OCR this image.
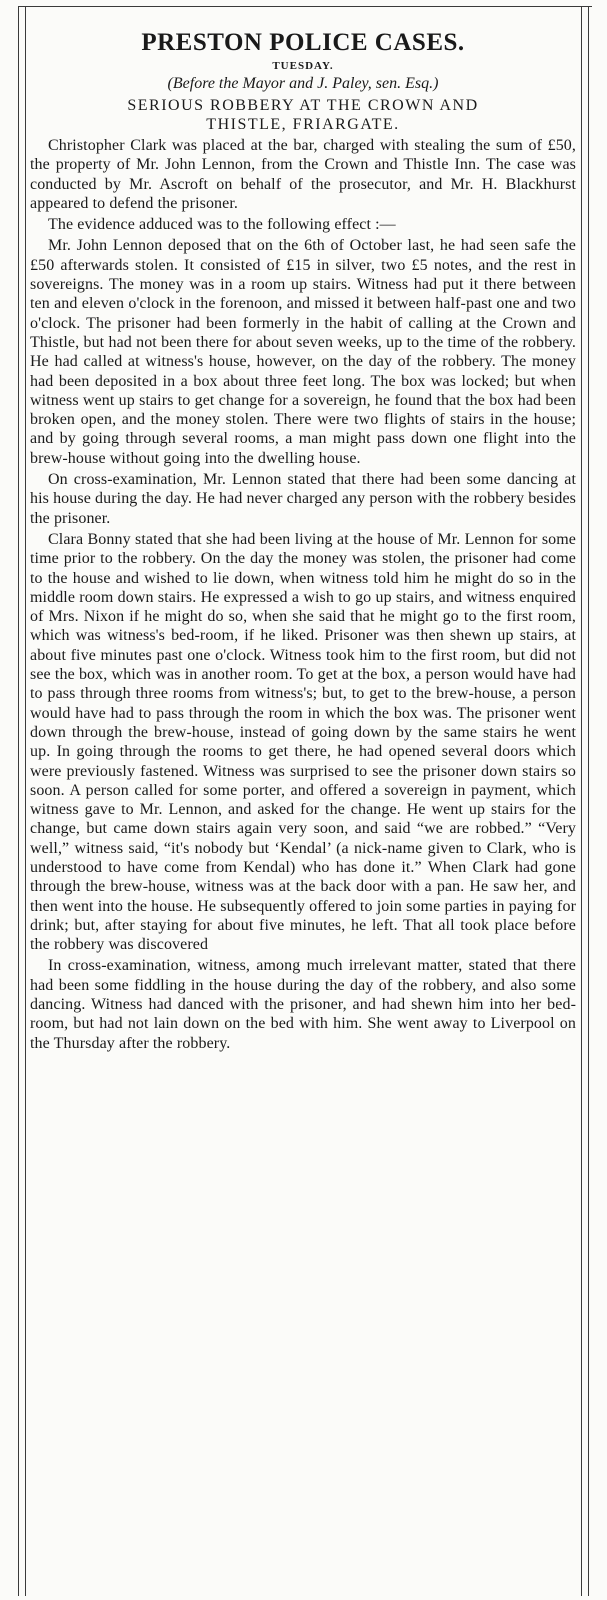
PRESTON POLICE CASES.
TUESDAY.
(Before the Mayor and J. Paley, sen. Esq.)
SERIOUS ROBBERY AT THE CROWN AND
THISTLE, FRIARGATE.

Christopher Clark was placed at the bar, charged with stealing the sum of £50, the property of Mr. John Lennon, from the Crown and Thistle Inn. The case was conducted by Mr. Ascroft on behalf of the prosecutor, and Mr. H. Blackhurst appeared to defend the prisoner.

The evidence adduced was to the following effect :—

Mr. John Lennon deposed that on the 6th of October last, he had seen safe the £50 afterwards stolen. It consisted of £15 in silver, two £5 notes, and the rest in sovereigns. The money was in a room up stairs. Witness had put it there between ten and eleven o'clock in the forenoon, and missed it between half-past one and two o'clock. The prisoner had been formerly in the habit of calling at the Crown and Thistle, but had not been there for about seven weeks, up to the time of the robbery. He had called at witness's house, however, on the day of the robbery. The money had been deposited in a box about three feet long. The box was locked; but when witness went up stairs to get change for a sovereign, he found that the box had been broken open, and the money stolen. There were two flights of stairs in the house; and by going through several rooms, a man might pass down one flight into the brew-house without going into the dwelling house.

On cross-examination, Mr. Lennon stated that there had been some dancing at his house during the day. He had never charged any person with the robbery besides the prisoner.

Clara Bonny stated that she had been living at the house of Mr. Lennon for some time prior to the robbery. On the day the money was stolen, the prisoner had come to the house and wished to lie down, when witness told him he might do so in the middle room down stairs. He expressed a wish to go up stairs, and witness enquired of Mrs. Nixon if he might do so, when she said that he might go to the first room, which was witness's bed-room, if he liked. Prisoner was then shewn up stairs, at about five minutes past one o'clock. Witness took him to the first room, but did not see the box, which was in another room. To get at the box, a person would have had to pass through three rooms from witness's; but, to get to the brew-house, a person would have had to pass through the room in which the box was. The prisoner went down through the brew-house, instead of going down by the same stairs he went up. In going through the rooms to get there, he had opened several doors which were previously fastened. Witness was surprised to see the prisoner down stairs so soon. A person called for some porter, and offered a sovereign in payment, which witness gave to Mr. Lennon, and asked for the change. He went up stairs for the change, but came down stairs again very soon, and said “we are robbed.” “Very well,” witness said, “it's nobody but ‘Kendal’ (a nick-name given to Clark, who is understood to have come from Kendal) who has done it.” When Clark had gone through the brew-house, witness was at the back door with a pan. He saw her, and then went into the house. He subsequently offered to join some parties in paying for drink; but, after staying for about five minutes, he left. That all took place before the robbery was discovered

In cross-examination, witness, among much irrelevant matter, stated that there had been some fiddling in the house during the day of the robbery, and also some dancing. Witness had danced with the prisoner, and had shewn him into her bed-room, but had not lain down on the bed with him. She went away to Liverpool on the Thursday after the robbery.
